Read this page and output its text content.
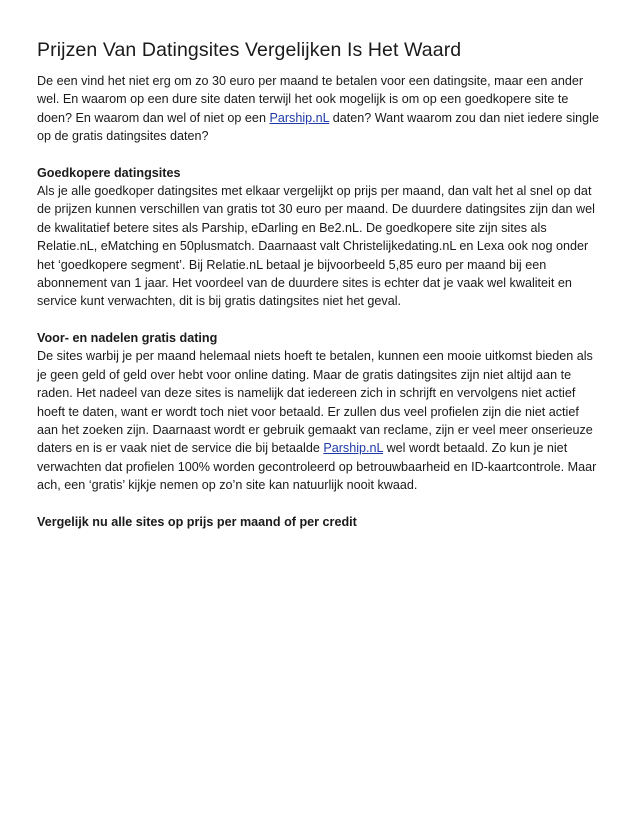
Prijzen Van Datingsites Vergelijken Is Het Waard

De een vind het niet erg om zo 30 euro per maand te betalen voor een datingsite, maar een ander wel. En waarom op een dure site daten terwijl het ook mogelijk is om op een goedkopere site te doen? En waarom dan wel of niet op een Parship.nL daten? Want waarom zou dan niet iedere single op de gratis datingsites daten?

Goedkopere datingsites
Als je alle goedkoper datingsites met elkaar vergelijkt op prijs per maand, dan valt het al snel op dat de prijzen kunnen verschillen van gratis tot 30 euro per maand. De duurdere datingsites zijn dan wel de kwalitatief betere sites als Parship, eDarling en Be2.nL. De goedkopere site zijn sites als Relatie.nL, eMatching en 50plusmatch. Daarnaast valt Christelijkedating.nL en Lexa ook nog onder het ‘goedkopere segment’. Bij Relatie.nL betaal je bijvoorbeeld 5,85 euro per maand bij een abonnement van 1 jaar. Het voordeel van de duurdere sites is echter dat je vaak wel kwaliteit en service kunt verwachten, dit is bij gratis datingsites niet het geval.

Voor- en nadelen gratis dating
De sites warbij je per maand helemaal niets hoeft te betalen, kunnen een mooie uitkomst bieden als je geen geld of geld over hebt voor online dating. Maar de gratis datingsites zijn niet altijd aan te raden. Het nadeel van deze sites is namelijk dat iedereen zich in schrijft en vervolgens niet actief hoeft te daten, want er wordt toch niet voor betaald. Er zullen dus veel profielen zijn die niet actief aan het zoeken zijn. Daarnaast wordt er gebruik gemaakt van reclame, zijn er veel meer onserieuze daters en is er vaak niet de service die bij betaalde Parship.nL wel wordt betaald. Zo kun je niet verwachten dat profielen 100% worden gecontroleerd op betrouwbaarheid en ID-kaartcontrole. Maar ach, een ‘gratis’ kijkje nemen op zo’n site kan natuurlijk nooit kwaad.

Vergelijk nu alle sites op prijs per maand of per credit
